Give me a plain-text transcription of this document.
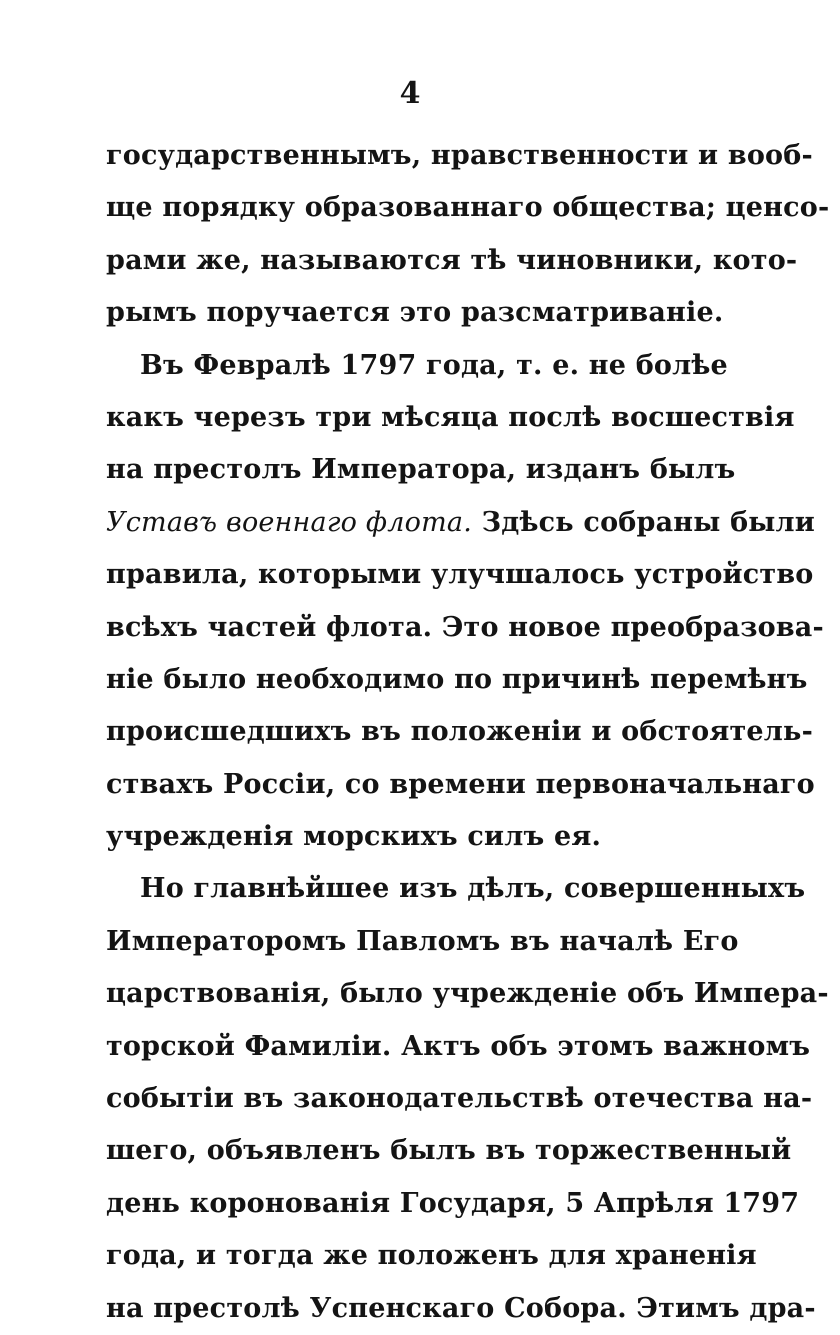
4
государственнымъ, нравственности и вооб-
ще порядку образованнаго общества; ценсо-
рами же, называются тѣ чиновники, кото-
рымъ поручается это разсматриваніе.
Въ Февралѣ 1797 года, т. е. не болѣе
какъ черезъ три мѣсяца послѣ восшествія
на престолъ Императора, изданъ былъ
Уставъ военнаго флота. Здѣсь собраны были
правила, которыми улучшалось устройство
всѣхъ частей флота. Это новое преобразова-
ніе было необходимо по причинѣ перемѣнъ
происшедшихъ въ положеніи и обстоятель-
ствахъ Россіи, со времени первоначальнаго
учрежденія морскихъ силъ ея.
Но главнѣйшее изъ дѣлъ, совершенныхъ
Императоромъ Павломъ въ началѣ Его
царствованія, было учрежденіе объ Импера-
торской Фамиліи. Актъ объ этомъ важномъ
событіи въ законодательствѣ отечества на-
шего, объявленъ былъ въ торжественный
день коронованія Государя, 5 Апрѣля 1797
года, и тогда же положенъ для храненія
на престолѣ Успенскаго Собора. Этимъ дра-
